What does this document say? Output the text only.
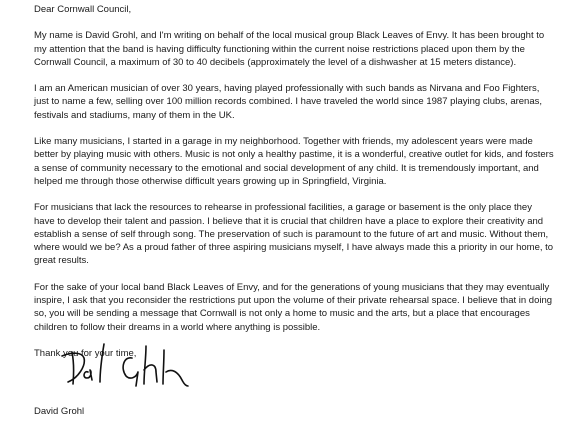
Dear Cornwall Council,

My name is David Grohl, and I'm writing on behalf of the local musical group Black Leaves of Envy. It has been brought to my attention that the band is having difficulty functioning within the current noise restrictions placed upon them by the Cornwall Council, a maximum of 30 to 40 decibels (approximately the level of a dishwasher at 15 meters distance).

I am an American musician of over 30 years, having played professionally with such bands as Nirvana and Foo Fighters, just to name a few, selling over 100 million records combined. I have traveled the world since 1987 playing clubs, arenas, festivals and stadiums, many of them in the UK.

Like many musicians, I started in a garage in my neighborhood. Together with friends, my adolescent years were made better by playing music with others. Music is not only a healthy pastime, it is a wonderful, creative outlet for kids, and fosters a sense of community necessary to the emotional and social development of any child. It is tremendously important, and helped me through those otherwise difficult years growing up in Springfield, Virginia.

For musicians that lack the resources to rehearse in professional facilities, a garage or basement is the only place they have to develop their talent and passion. I believe that it is crucial that children have a place to explore their creativity and establish a sense of self through song. The preservation of such is paramount to the future of art and music. Without them, where would we be? As a proud father of three aspiring musicians myself, I have always made this a priority in our home, to great results.

For the sake of your local band Black Leaves of Envy, and for the generations of young musicians that they may eventually inspire, I ask that you reconsider the restrictions put upon the volume of their private rehearsal space. I believe that in doing so, you will be sending a message that Cornwall is not only a home to music and the arts, but a place that encourages children to follow their dreams in a world where anything is possible.

Thank you for your time,

David Grohl
